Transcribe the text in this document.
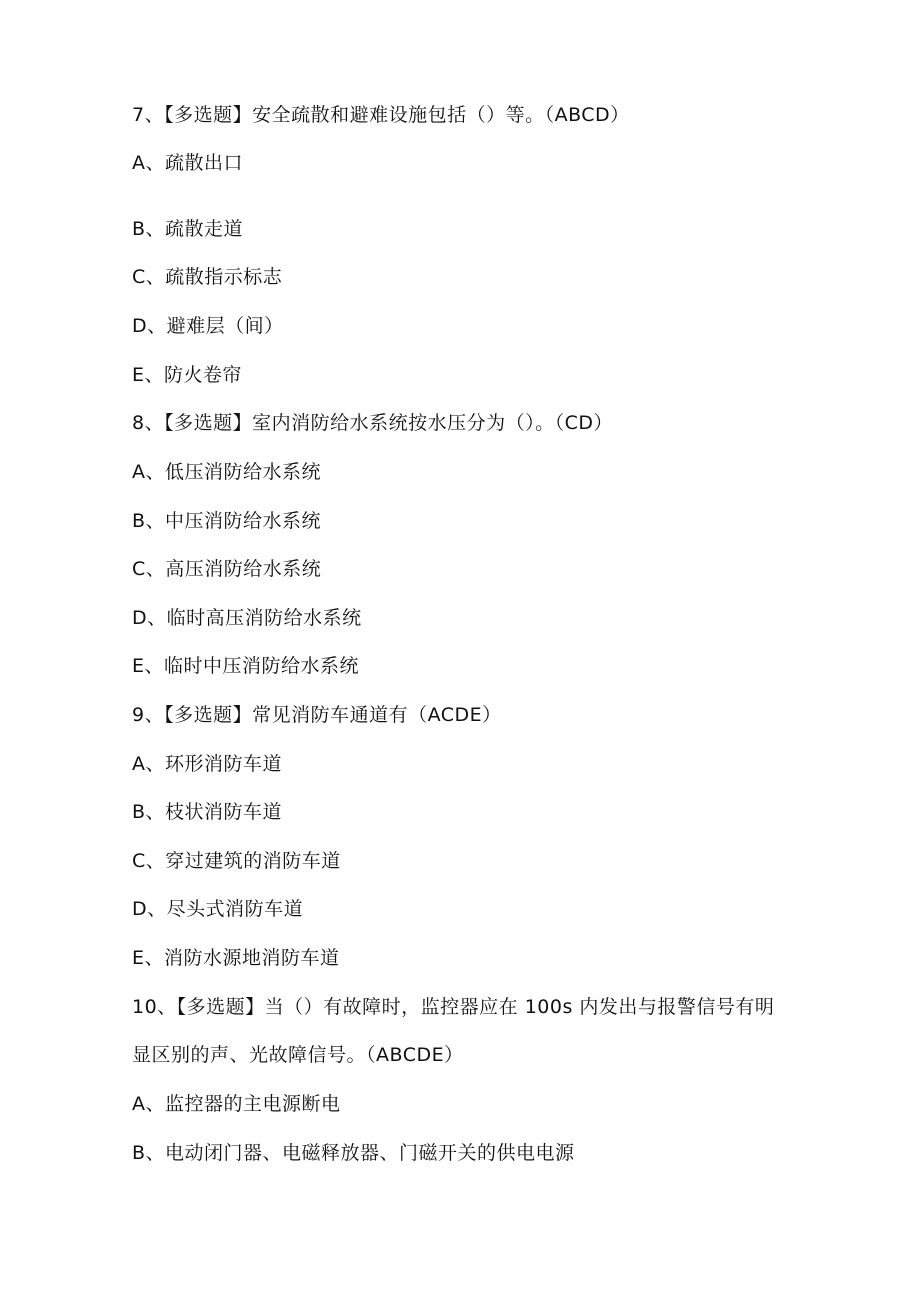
7、【多选题】安全疏散和避难设施包括（）等。（ABCD）
A、疏散出口
B、疏散走道
C、疏散指示标志
D、避难层（间）
E、防火卷帘
8、【多选题】室内消防给水系统按水压分为（）。（CD）
A、低压消防给水系统
B、中压消防给水系统
C、高压消防给水系统
D、临时高压消防给水系统
E、临时中压消防给水系统
9、【多选题】常见消防车通道有（ACDE）
A、环形消防车道
B、枝状消防车道
C、穿过建筑的消防车道
D、尽头式消防车道
E、消防水源地消防车道
10、【多选题】当（）有故障时，监控器应在 100s 内发出与报警信号有明
显区别的声、光故障信号。（ABCDE）
A、监控器的主电源断电
B、电动闭门器、电磁释放器、门磁开关的供电电源
